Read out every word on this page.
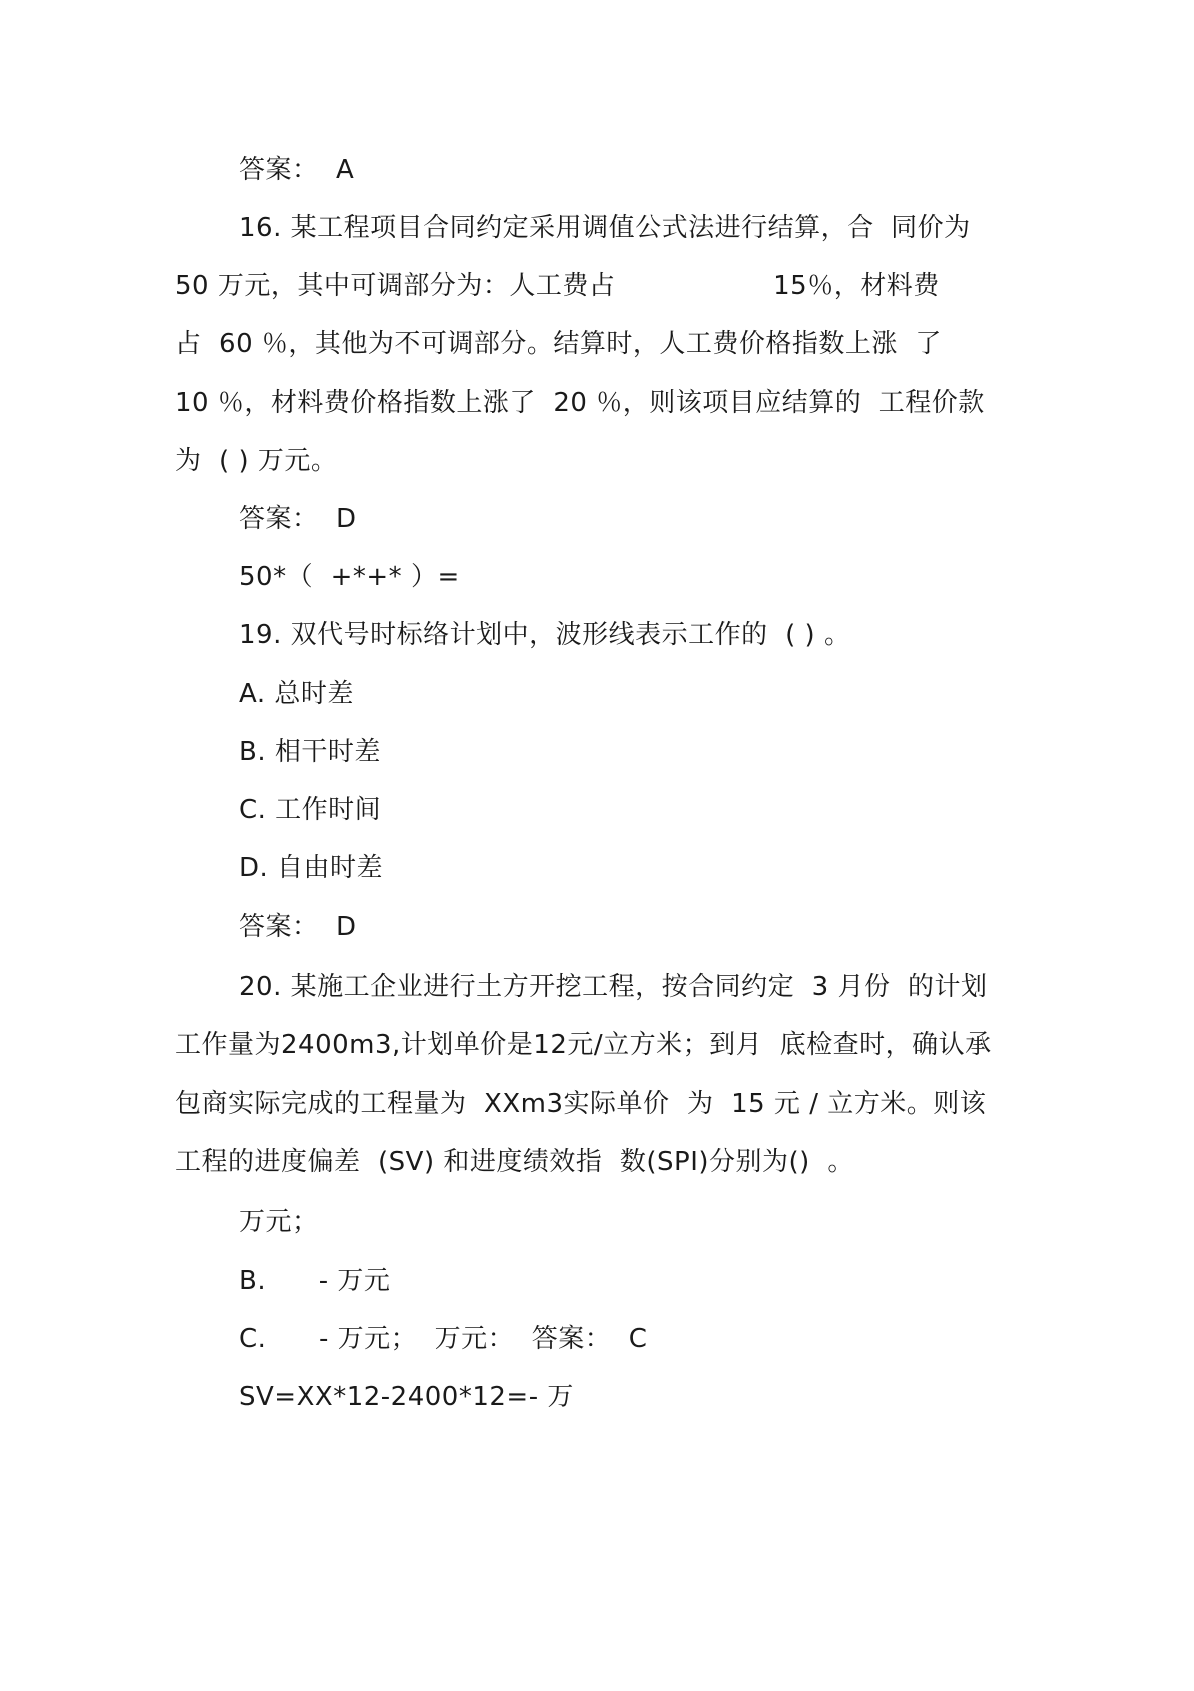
答案：  A
16. 某工程项目合同约定采用调值公式法进行结算，合  同价为
50 万元，其中可调部分为：人工费占                  15％，材料费
占  60 ％，其他为不可调部分。结算时，人工费价格指数上涨  了
10 ％，材料费价格指数上涨了  20 ％，则该项目应结算的  工程价款
为  ( ) 万元。
答案：  D
50*（  +*+* ）=
19. 双代号时标络计划中，波形线表示工作的  ( ) 。
A. 总时差
B. 相干时差
C. 工作时间
D. 自由时差
答案：  D
20. 某施工企业进行土方开挖工程，按合同约定  3 月份  的计划
工作量为2400m3,计划单价是12元/立方米；到月  底检查时，确认承
包商实际完成的工程量为  XXm3实际单价  为  15 元 / 立方米。则该
工程的进度偏差  (SV) 和进度绩效指  数(SPI)分别为()  。
万元；
B.      - 万元
C.      - 万元；  万元：  答案：  C
SV=XX*12-2400*12=- 万
